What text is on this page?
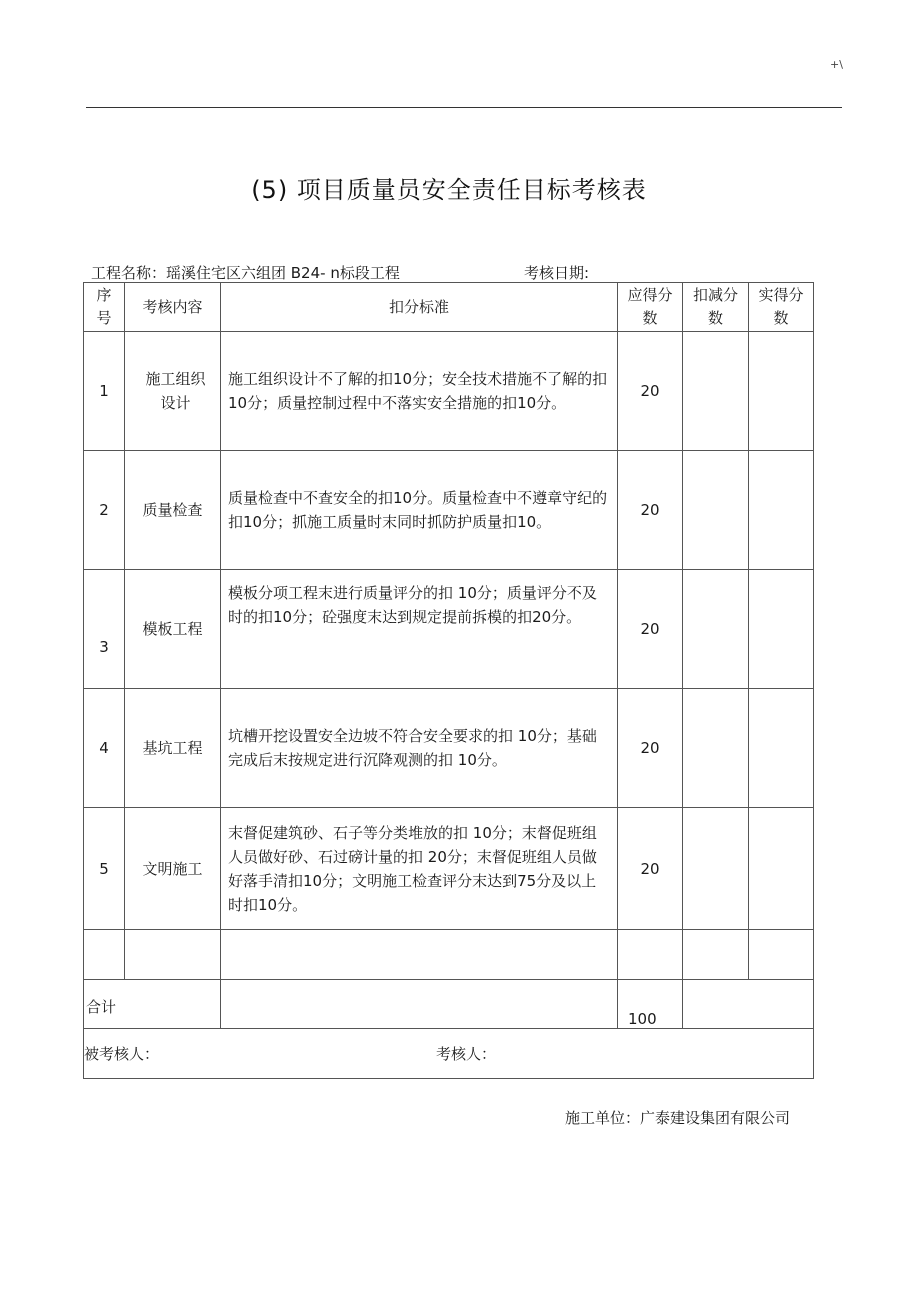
+\
(5) 项目质量员安全责任目标考核表
工程名称：瑶溪住宅区六组团 B24- n标段工程	考核日期:
序
号	考核内容	扣分标准	应得分数	扣减分数	实得分数
1	施工组织设计	施工组织设计不了解的扣10分；安全技术措施不了解的扣10分；质量控制过程中不落实安全措施的扣10分。	20		
2	质量检查	质量检查中不查安全的扣10分。质量检查中不遵章守纪的扣10分；抓施工质量时末同时抓防护质量扣10。	20		
3	模板工程	模板分项工程末进行质量评分的扣 10分；质量评分不及时的扣10分；砼强度末达到规定提前拆模的扣20分。	20		
4	基坑工程	坑槽开挖设置安全边坡不符合安全要求的扣 10分；基础完成后末按规定进行沉降观测的扣 10分。	20		
5	文明施工	末督促建筑砂、石子等分类堆放的扣 10分；末督促班组人员做好砂、石过磅计量的扣 20分；末督促班组人员做好落手清扣10分；文明施工检查评分末达到75分及以上时扣10分。	20		

合计			100		

被考核人： 考核人：					
施工单位：广泰建设集团有限公司
